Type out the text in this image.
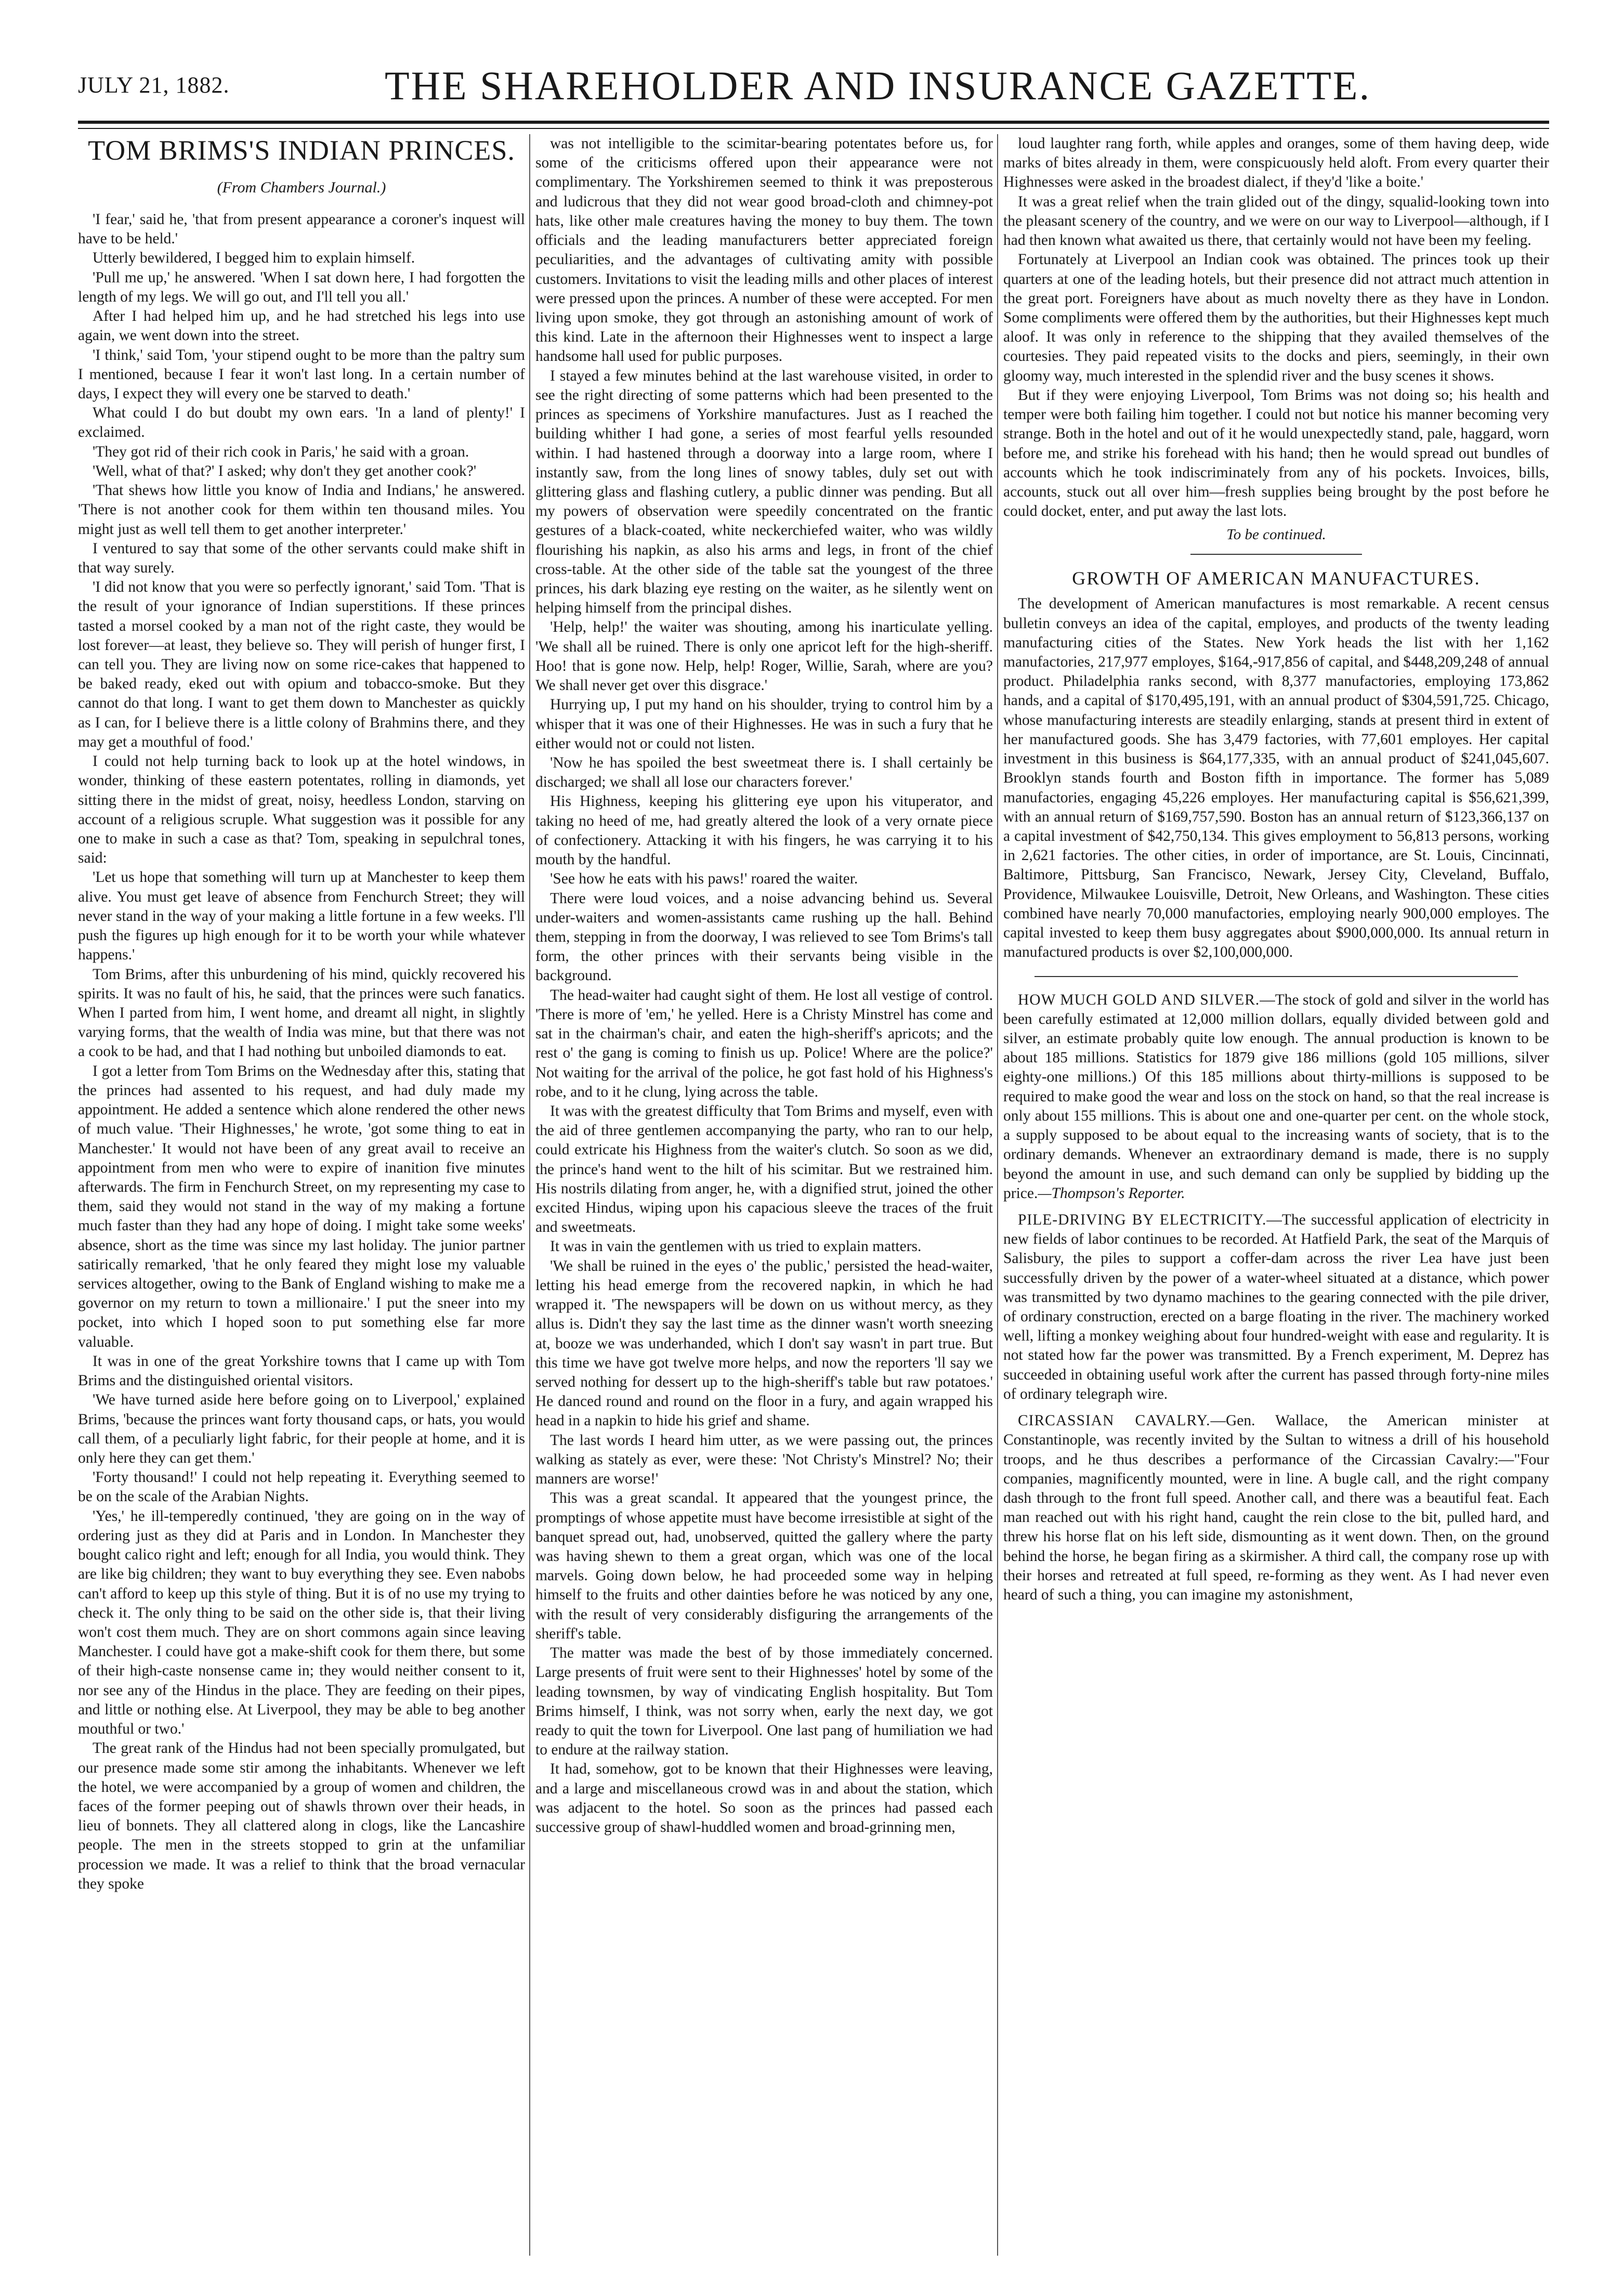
JULY 21, 1882.	THE SHAREHOLDER AND INSURANCE GAZETTE.
TOM BRIMS'S INDIAN PRINCES.
(From Chambers Journal.)

'I fear,' said he, 'that from present appearance a coroner's inquest will have to be held.'

Utterly bewildered, I begged him to explain himself.

'Pull me up,' he answered. 'When I sat down here, I had forgotten the length of my legs. We will go out, and I'll tell you all.'

After I had helped him up, and he had stretched his legs into use again, we went down into the street.

'I think,' said Tom, 'your stipend ought to be more than the paltry sum I mentioned, because I fear it won't last long. In a certain number of days, I expect they will every one be starved to death.'

What could I do but doubt my own ears. 'In a land of plenty!' I exclaimed.

'They got rid of their rich cook in Paris,' he said with a groan.

'Well, what of that?' I asked; why don't they get another cook?'

'That shews how little you know of India and Indians,' he answered. 'There is not another cook for them within ten thousand miles. You might just as well tell them to get another interpreter.'

I ventured to say that some of the other servants could make shift in that way surely.

'I did not know that you were so perfectly ignorant,' said Tom. 'That is the result of your ignorance of Indian superstitions. If these princes tasted a morsel cooked by a man not of the right caste, they would be lost forever—at least, they believe so. They will perish of hunger first, I can tell you. They are living now on some rice-cakes that happened to be baked ready, eked out with opium and tobacco-smoke. But they cannot do that long. I want to get them down to Manchester as quickly as I can, for I believe there is a little colony of Brahmins there, and they may get a mouthful of food.'

I could not help turning back to look up at the hotel windows, in wonder, thinking of these eastern potentates, rolling in diamonds, yet sitting there in the midst of great, noisy, heedless London, starving on account of a religious scruple. What suggestion was it possible for any one to make in such a case as that? Tom, speaking in sepulchral tones, said:

'Let us hope that something will turn up at Manchester to keep them alive. You must get leave of absence from Fenchurch Street; they will never stand in the way of your making a little fortune in a few weeks. I'll push the figures up high enough for it to be worth your while whatever happens.'

Tom Brims, after this unburdening of his mind, quickly recovered his spirits. It was no fault of his, he said, that the princes were such fanatics. When I parted from him, I went home, and dreamt all night, in slightly varying forms, that the wealth of India was mine, but that there was not a cook to be had, and that I had nothing but unboiled diamonds to eat.

I got a letter from Tom Brims on the Wednesday after this, stating that the princes had assented to his request, and had duly made my appointment. He added a sentence which alone rendered the other news of much value. 'Their Highnesses,' he wrote, 'got some thing to eat in Manchester.' It would not have been of any great avail to receive an appointment from men who were to expire of inanition five minutes afterwards. The firm in Fenchurch Street, on my representing my case to them, said they would not stand in the way of my making a fortune much faster than they had any hope of doing. I might take some weeks' absence, short as the time was since my last holiday. The junior partner satirically remarked, 'that he only feared they might lose my valuable services altogether, owing to the Bank of England wishing to make me a governor on my return to town a millionaire.' I put the sneer into my pocket, into which I hoped soon to put something else far more valuable.

It was in one of the great Yorkshire towns that I came up with Tom Brims and the distinguished oriental visitors.

'We have turned aside here before going on to Liverpool,' explained Brims, 'because the princes want forty thousand caps, or hats, you would call them, of a peculiarly light fabric, for their people at home, and it is only here they can get them.'

'Forty thousand!' I could not help repeating it. Everything seemed to be on the scale of the Arabian Nights.

'Yes,' he ill-temperedly continued, 'they are going on in the way of ordering just as they did at Paris and in London. In Manchester they bought calico right and left; enough for all India, you would think. They are like big children; they want to buy everything they see. Even nabobs can't afford to keep up this style of thing. But it is of no use my trying to check it. The only thing to be said on the other side is, that their living won't cost them much. They are on short commons again since leaving Manchester. I could have got a make-shift cook for them there, but some of their high-caste nonsense came in; they would neither consent to it, nor see any of the Hindus in the place. They are feeding on their pipes, and little or nothing else. At Liverpool, they may be able to beg another mouthful or two.'

The great rank of the Hindus had not been specially promulgated, but our presence made some stir among the inhabitants. Whenever we left the hotel, we were accompanied by a group of women and children, the faces of the former peeping out of shawls thrown over their heads, in lieu of bonnets. They all clattered along in clogs, like the Lancashire people. The men in the streets stopped to grin at the unfamiliar procession we made. It was a relief to think that the broad vernacular they spoke

was not intelligible to the scimitar-bearing potentates before us, for some of the criticisms offered upon their appearance were not complimentary. The Yorkshiremen seemed to think it was preposterous and ludicrous that they did not wear good broad-cloth and chimney-pot hats, like other male creatures having the money to buy them. The town officials and the leading manufacturers better appreciated foreign peculiarities, and the advantages of cultivating amity with possible customers. Invitations to visit the leading mills and other places of interest were pressed upon the princes. A number of these were accepted. For men living upon smoke, they got through an astonishing amount of work of this kind. Late in the afternoon their Highnesses went to inspect a large handsome hall used for public purposes.

I stayed a few minutes behind at the last warehouse visited, in order to see the right directing of some patterns which had been presented to the princes as specimens of Yorkshire manufactures. Just as I reached the building whither I had gone, a series of most fearful yells resounded within. I had hastened through a doorway into a large room, where I instantly saw, from the long lines of snowy tables, duly set out with glittering glass and flashing cutlery, a public dinner was pending. But all my powers of observation were speedily concentrated on the frantic gestures of a black-coated, white neckerchiefed waiter, who was wildly flourishing his napkin, as also his arms and legs, in front of the chief cross-table. At the other side of the table sat the youngest of the three princes, his dark blazing eye resting on the waiter, as he silently went on helping himself from the principal dishes.

'Help, help!' the waiter was shouting, among his inarticulate yelling. 'We shall all be ruined. There is only one apricot left for the high-sheriff. Hoo! that is gone now. Help, help! Roger, Willie, Sarah, where are you? We shall never get over this disgrace.'

Hurrying up, I put my hand on his shoulder, trying to control him by a whisper that it was one of their Highnesses. He was in such a fury that he either would not or could not listen.

'Now he has spoiled the best sweetmeat there is. I shall certainly be discharged; we shall all lose our characters forever.'

His Highness, keeping his glittering eye upon his vituperator, and taking no heed of me, had greatly altered the look of a very ornate piece of confectionery. Attacking it with his fingers, he was carrying it to his mouth by the handful.

'See how he eats with his paws!' roared the waiter.

There were loud voices, and a noise advancing behind us. Several under-waiters and women-assistants came rushing up the hall. Behind them, stepping in from the doorway, I was relieved to see Tom Brims's tall form, the other princes with their servants being visible in the background.

The head-waiter had caught sight of them. He lost all vestige of control. 'There is more of 'em,' he yelled. Here is a Christy Minstrel has come and sat in the chairman's chair, and eaten the high-sheriff's apricots; and the rest o' the gang is coming to finish us up. Police! Where are the police?' Not waiting for the arrival of the police, he got fast hold of his Highness's robe, and to it he clung, lying across the table.

It was with the greatest difficulty that Tom Brims and myself, even with the aid of three gentlemen accompanying the party, who ran to our help, could extricate his Highness from the waiter's clutch. So soon as we did, the prince's hand went to the hilt of his scimitar. But we restrained him. His nostrils dilating from anger, he, with a dignified strut, joined the other excited Hindus, wiping upon his capacious sleeve the traces of the fruit and sweetmeats.

It was in vain the gentlemen with us tried to explain matters.

'We shall be ruined in the eyes o' the public,' persisted the head-waiter, letting his head emerge from the recovered napkin, in which he had wrapped it. 'The newspapers will be down on us without mercy, as they allus is. Didn't they say the last time as the dinner wasn't worth sneezing at, booze we was underhanded, which I don't say wasn't in part true. But this time we have got twelve more helps, and now the reporters 'll say we served nothing for dessert up to the high-sheriff's table but raw potatoes.' He danced round and round on the floor in a fury, and again wrapped his head in a napkin to hide his grief and shame.

The last words I heard him utter, as we were passing out, the princes walking as stately as ever, were these: 'Not Christy's Minstrel? No; their manners are worse!'

This was a great scandal. It appeared that the youngest prince, the promptings of whose appetite must have become irresistible at sight of the banquet spread out, had, unobserved, quitted the gallery where the party was having shewn to them a great organ, which was one of the local marvels. Going down below, he had proceeded some way in helping himself to the fruits and other dainties before he was noticed by any one, with the result of very considerably disfiguring the arrangements of the sheriff's table.

The matter was made the best of by those immediately concerned. Large presents of fruit were sent to their Highnesses' hotel by some of the leading townsmen, by way of vindicating English hospitality. But Tom Brims himself, I think, was not sorry when, early the next day, we got ready to quit the town for Liverpool. One last pang of humiliation we had to endure at the railway station.

It had, somehow, got to be known that their Highnesses were leaving, and a large and miscellaneous crowd was in and about the station, which was adjacent to the hotel. So soon as the princes had passed each successive group of shawl-huddled women and broad-grinning men,

loud laughter rang forth, while apples and oranges, some of them having deep, wide marks of bites already in them, were conspicuously held aloft. From every quarter their Highnesses were asked in the broadest dialect, if they'd 'like a boite.'

It was a great relief when the train glided out of the dingy, squalid-looking town into the pleasant scenery of the country, and we were on our way to Liverpool—although, if I had then known what awaited us there, that certainly would not have been my feeling.

Fortunately at Liverpool an Indian cook was obtained. The princes took up their quarters at one of the leading hotels, but their presence did not attract much attention in the great port. Foreigners have about as much novelty there as they have in London. Some compliments were offered them by the authorities, but their Highnesses kept much aloof. It was only in reference to the shipping that they availed themselves of the courtesies. They paid repeated visits to the docks and piers, seemingly, in their own gloomy way, much interested in the splendid river and the busy scenes it shows.

But if they were enjoying Liverpool, Tom Brims was not doing so; his health and temper were both failing him together. I could not but notice his manner becoming very strange. Both in the hotel and out of it he would unexpectedly stand, pale, haggard, worn before me, and strike his forehead with his hand; then he would spread out bundles of accounts which he took indiscriminately from any of his pockets. Invoices, bills, accounts, stuck out all over him—fresh supplies being brought by the post before he could docket, enter, and put away the last lots.

To be continued.
GROWTH OF AMERICAN MANUFACTURES.

The development of American manufactures is most remarkable. A recent census bulletin conveys an idea of the capital, employes, and products of the twenty leading manufacturing cities of the States. New York heads the list with her 1,162 manufactories, 217,977 employes, $164,-917,856 of capital, and $448,209,248 of annual product. Philadelphia ranks second, with 8,377 manufactories, employing 173,862 hands, and a capital of $170,495,191, with an annual product of $304,591,725. Chicago, whose manufacturing interests are steadily enlarging, stands at present third in extent of her manufactured goods. She has 3,479 factories, with 77,601 employes. Her capital investment in this business is $64,177,335, with an annual product of $241,045,607. Brooklyn stands fourth and Boston fifth in importance. The former has 5,089 manufactories, engaging 45,226 employes. Her manufacturing capital is $56,621,399, with an annual return of $169,757,590. Boston has an annual return of $123,366,137 on a capital investment of $42,750,134. This gives employment to 56,813 persons, working in 2,621 factories. The other cities, in order of importance, are St. Louis, Cincinnati, Baltimore, Pittsburg, San Francisco, Newark, Jersey City, Cleveland, Buffalo, Providence, Milwaukee Louisville, Detroit, New Orleans, and Washington. These cities combined have nearly 70,000 manufactories, employing nearly 900,000 employes. The capital invested to keep them busy aggregates about $900,000,000. Its annual return in manufactured products is over $2,100,000,000.

HOW MUCH GOLD AND SILVER.—The stock of gold and silver in the world has been carefully estimated at 12,000 million dollars, equally divided between gold and silver, an estimate probably quite low enough. The annual production is known to be about 185 millions. Statistics for 1879 give 186 millions (gold 105 millions, silver eighty-one millions.) Of this 185 millions about thirty-millions is supposed to be required to make good the wear and loss on the stock on hand, so that the real increase is only about 155 millions. This is about one and one-quarter per cent. on the whole stock, a supply supposed to be about equal to the increasing wants of society, that is to the ordinary demands. Whenever an extraordinary demand is made, there is no supply beyond the amount in use, and such demand can only be supplied by bidding up the price.—Thompson's Reporter.

PILE-DRIVING BY ELECTRICITY.—The successful application of electricity in new fields of labor continues to be recorded. At Hatfield Park, the seat of the Marquis of Salisbury, the piles to support a coffer-dam across the river Lea have just been successfully driven by the power of a water-wheel situated at a distance, which power was transmitted by two dynamo machines to the gearing connected with the pile driver, of ordinary construction, erected on a barge floating in the river. The machinery worked well, lifting a monkey weighing about four hundred-weight with ease and regularity. It is not stated how far the power was transmitted. By a French experiment, M. Deprez has succeeded in obtaining useful work after the current has passed through forty-nine miles of ordinary telegraph wire.

CIRCASSIAN CAVALRY.—Gen. Wallace, the American minister at Constantinople, was recently invited by the Sultan to witness a drill of his household troops, and he thus describes a performance of the Circassian Cavalry:—"Four companies, magnificently mounted, were in line. A bugle call, and the right company dash through to the front full speed. Another call, and there was a beautiful feat. Each man reached out with his right hand, caught the rein close to the bit, pulled hard, and threw his horse flat on his left side, dismounting as it went down. Then, on the ground behind the horse, he began firing as a skirmisher. A third call, the company rose up with their horses and retreated at full speed, re-forming as they went. As I had never even heard of such a thing, you can imagine my astonishment,
